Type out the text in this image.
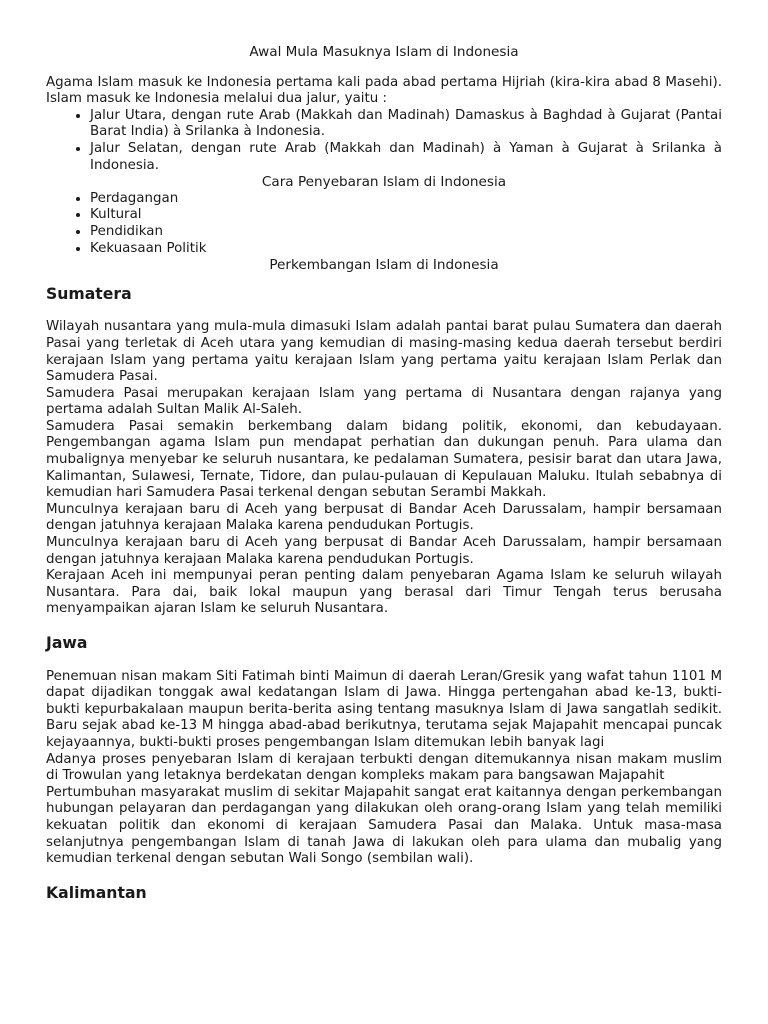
Awal Mula Masuknya Islam di Indonesia

Agama Islam masuk ke Indonesia pertama kali pada abad pertama Hijriah (kira-kira abad 8 Masehi). Islam masuk ke Indonesia melalui dua jalur, yaitu :

• Jalur Utara, dengan rute Arab (Makkah dan Madinah) Damaskus à Baghdad à Gujarat (Pantai Barat India) à Srilanka à Indonesia.
• Jalur Selatan, dengan rute Arab (Makkah dan Madinah) à Yaman à Gujarat à Srilanka à Indonesia.
Cara Penyebaran Islam di Indonesia
• Perdagangan
• Kultural
• Pendidikan
• Kekuasaan Politik
Perkembangan Islam di Indonesia
Sumatera

Wilayah nusantara yang mula-mula dimasuki Islam adalah pantai barat pulau Sumatera dan daerah Pasai yang terletak di Aceh utara yang kemudian di masing-masing kedua daerah tersebut berdiri kerajaan Islam yang pertama yaitu kerajaan Islam yang pertama yaitu kerajaan Islam Perlak dan Samudera Pasai.

Samudera Pasai merupakan kerajaan Islam yang pertama di Nusantara dengan rajanya yang pertama adalah Sultan Malik Al-Saleh.

Samudera Pasai semakin berkembang dalam bidang politik, ekonomi, dan kebudayaan. Pengembangan agama Islam pun mendapat perhatian dan dukungan penuh. Para ulama dan mubalignya menyebar ke seluruh nusantara, ke pedalaman Sumatera, pesisir barat dan utara Jawa, Kalimantan, Sulawesi, Ternate, Tidore, dan pulau-pulauan di Kepulauan Maluku. Itulah sebabnya di kemudian hari Samudera Pasai terkenal dengan sebutan Serambi Makkah.

Munculnya kerajaan baru di Aceh yang berpusat di Bandar Aceh Darussalam, hampir bersamaan dengan jatuhnya kerajaan Malaka karena pendudukan Portugis.

Munculnya kerajaan baru di Aceh yang berpusat di Bandar Aceh Darussalam, hampir bersamaan dengan jatuhnya kerajaan Malaka karena pendudukan Portugis.

Kerajaan Aceh ini mempunyai peran penting dalam penyebaran Agama Islam ke seluruh wilayah Nusantara. Para dai, baik lokal maupun yang berasal dari Timur Tengah terus berusaha menyampaikan ajaran Islam ke seluruh Nusantara.

Jawa

Penemuan nisan makam Siti Fatimah binti Maimun di daerah Leran/Gresik yang wafat tahun 1101 M dapat dijadikan tonggak awal kedatangan Islam di Jawa. Hingga pertengahan abad ke-13, bukti-bukti kepurbakalaan maupun berita-berita asing tentang masuknya Islam di Jawa sangatlah sedikit. Baru sejak abad ke-13 M hingga abad-abad berikutnya, terutama sejak Majapahit mencapai puncak kejayaannya, bukti-bukti proses pengembangan Islam ditemukan lebih banyak lagi

Adanya proses penyebaran Islam di kerajaan terbukti dengan ditemukannya nisan makam muslim di Trowulan yang letaknya berdekatan dengan kompleks makam para bangsawan Majapahit

Pertumbuhan masyarakat muslim di sekitar Majapahit sangat erat kaitannya dengan perkembangan hubungan pelayaran dan perdagangan yang dilakukan oleh orang-orang Islam yang telah memiliki kekuatan politik dan ekonomi di kerajaan Samudera Pasai dan Malaka. Untuk masa-masa selanjutnya pengembangan Islam di tanah Jawa di lakukan oleh para ulama dan mubalig yang kemudian terkenal dengan sebutan Wali Songo (sembilan wali).

Kalimantan
